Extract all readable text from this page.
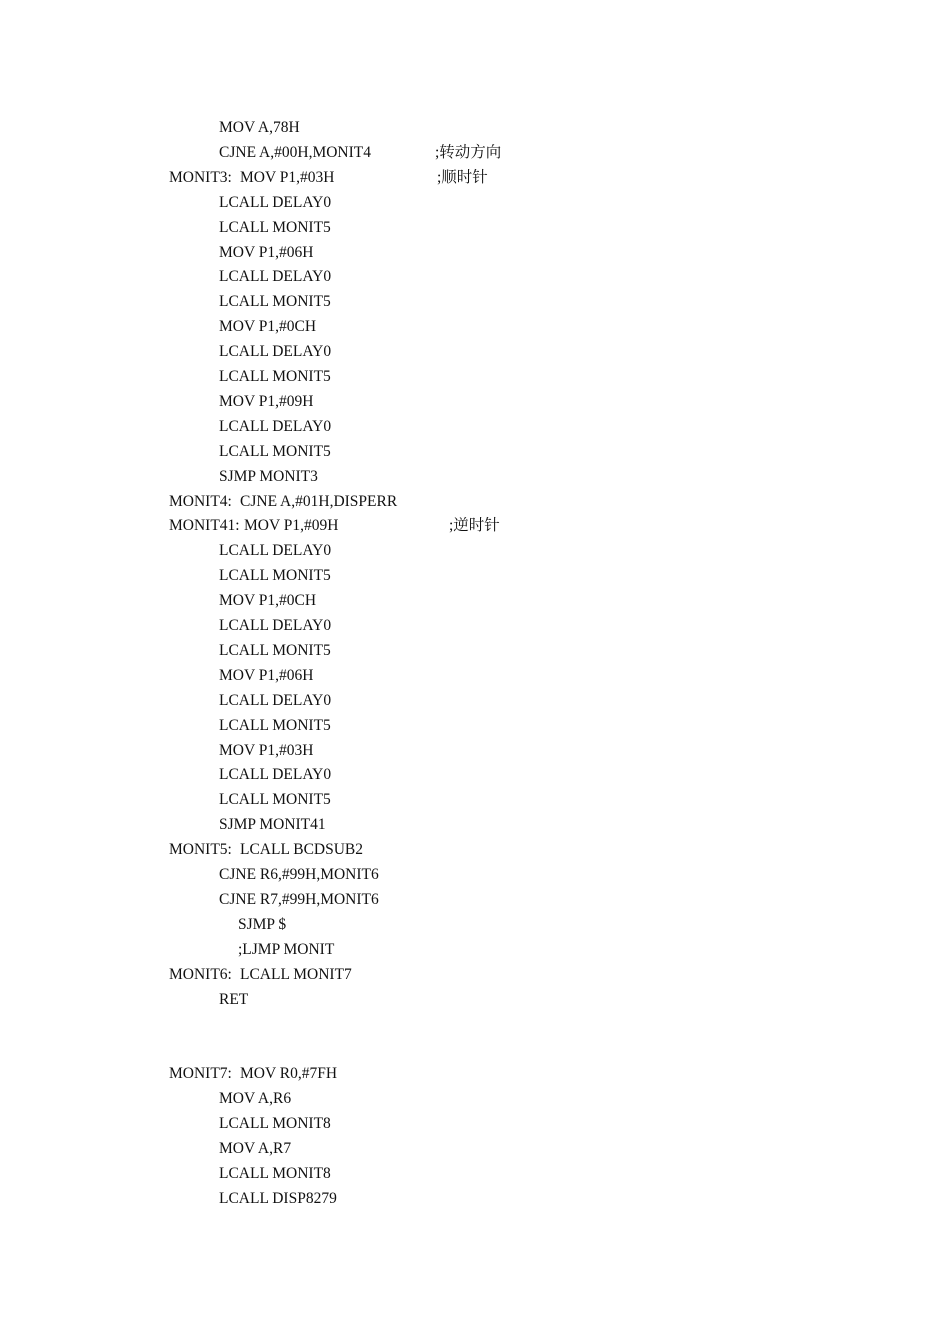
MOV A,78H
CJNE A,#00H,MONIT4	;转动方向
MONIT3: MOV P1,#03H	;顺时针
LCALL DELAY0
LCALL MONIT5
MOV P1,#06H
LCALL DELAY0
LCALL MONIT5
MOV P1,#0CH
LCALL DELAY0
LCALL MONIT5
MOV P1,#09H
LCALL DELAY0
LCALL MONIT5
SJMP MONIT3
MONIT4: CJNE A,#01H,DISPERR
MONIT41: MOV P1,#09H	;逆时针
LCALL DELAY0
LCALL MONIT5
MOV P1,#0CH
LCALL DELAY0
LCALL MONIT5
MOV P1,#06H
LCALL DELAY0
LCALL MONIT5
MOV P1,#03H
LCALL DELAY0
LCALL MONIT5
SJMP MONIT41
MONIT5: LCALL BCDSUB2
CJNE R6,#99H,MONIT6
CJNE R7,#99H,MONIT6
SJMP $
;LJMP MONIT
MONIT6: LCALL MONIT7
RET
MONIT7: MOV R0,#7FH
MOV A,R6
LCALL MONIT8
MOV A,R7
LCALL MONIT8
LCALL DISP8279
